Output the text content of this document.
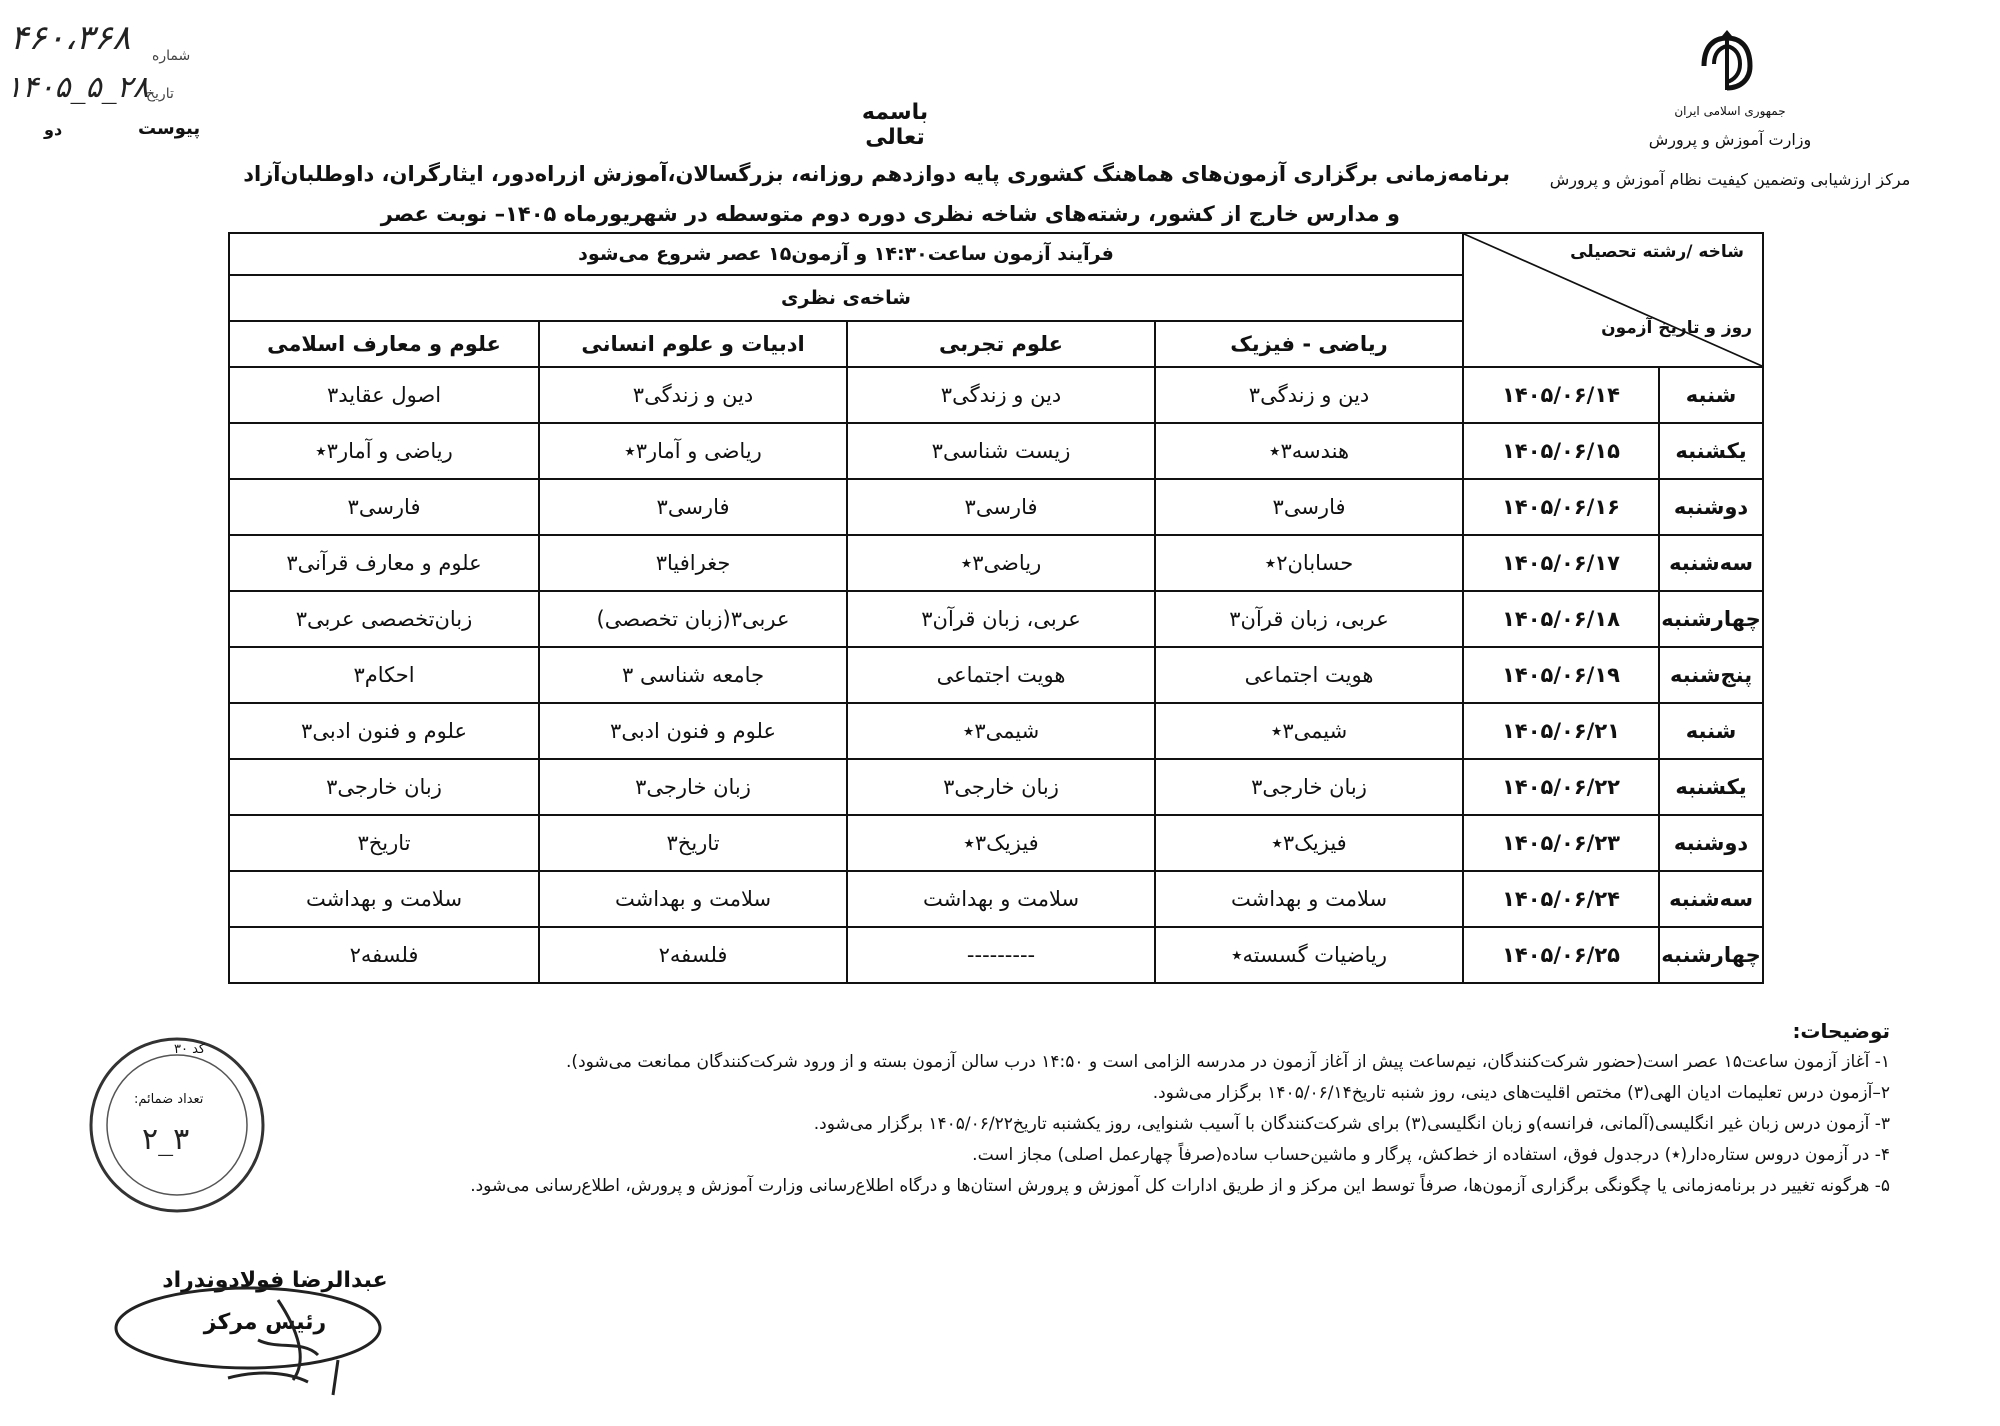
۴۶۰،۳۶۸ شماره
۱۴۰۵_۵_۲۸
تاریخ
پیوست
دو
باسمه تعالی
جمهوری اسلامی ایران
وزارت آموزش و پرورش
مرکز ارزشیابی وتضمین کیفیت نظام آموزش و پرورش
برنامه‌زمانی برگزاری آزمون‌های هماهنگ کشوری پایه دوازدهم روزانه، بزرگسالان،آموزش ازراه‌دور، ایثارگران، داوطلبان‌آزاد
و مدارس خارج از کشور، رشته‌های شاخه نظری دوره دوم متوسطه در شهریورماه ۱۴۰۵– نوبت عصر
شاخه /رشته تحصیلی
روز و تاریخ آزمون		فرآیند آزمون ساعت۱۴:۳۰ و آزمون۱۵ عصر شروع می‌شود			
		شاخه‌ی نظری			
		ریاضی - فیزیک	علوم تجربی	ادبیات و علوم انسانی	علوم و معارف اسلامی
شنبه	۱۴۰۵/۰۶/۱۴	دین و زندگی۳	دین و زندگی۳	دین و زندگی۳	اصول عقاید۳
یکشنبه	۱۴۰۵/۰۶/۱۵	هندسه۳٭	زیست شناسی۳	ریاضی و آمار۳٭	ریاضی و آمار۳٭
دوشنبه	۱۴۰۵/۰۶/۱۶	فارسی۳	فارسی۳	فارسی۳	فارسی۳
سه‌شنبه	۱۴۰۵/۰۶/۱۷	حسابان۲٭	ریاضی۳٭	جغرافیا۳	علوم و معارف قرآنی۳
چهارشنبه	۱۴۰۵/۰۶/۱۸	عربی، زبان قرآن۳	عربی، زبان قرآن۳	عربی۳(زبان تخصصی)	زبان‌تخصصی عربی۳
پنج‌شنبه	۱۴۰۵/۰۶/۱۹	هویت اجتماعی	هویت اجتماعی	جامعه شناسی ۳	احکام۳
شنبه	۱۴۰۵/۰۶/۲۱	شیمی۳٭	شیمی۳٭	علوم و فنون ادبی۳	علوم و فنون ادبی۳
یکشنبه	۱۴۰۵/۰۶/۲۲	زبان خارجی۳	زبان خارجی۳	زبان خارجی۳	زبان خارجی۳
دوشنبه	۱۴۰۵/۰۶/۲۳	فیزیک۳٭	فیزیک۳٭	تاریخ۳	تاریخ۳
سه‌شنبه	۱۴۰۵/۰۶/۲۴	سلامت و بهداشت	سلامت و بهداشت	سلامت و بهداشت	سلامت و بهداشت
چهارشنبه	۱۴۰۵/۰۶/۲۵	ریاضیات گسسته٭	---------	فلسفه۲	فلسفه۲

توضیحات:

۱- آغاز آزمون ساعت۱۵ عصر است(حضور شرکت‌کنندگان، نیم‌ساعت پیش از آغاز آزمون در مدرسه الزامی است و ۱۴:۵۰ درب سالن آزمون بسته و از ورود شرکت‌کنندگان ممانعت می‌شود).

۲–آزمون درس تعلیمات ادیان الهی(۳) مختص اقلیت‌های دینی، روز شنبه تاریخ۱۴۰۵/۰۶/۱۴ برگزار می‌شود.

۳- آزمون درس زبان غیر انگلیسی(آلمانی، فرانسه)و زبان انگلیسی(۳) برای شرکت‌کنندگان با آسیب شنوایی، روز یکشنبه تاریخ۱۴۰۵/۰۶/۲۲ برگزار می‌شود.

۴- در آزمون دروس ستاره‌دار(٭) درجدول فوق، استفاده از خط‌کش، پرگار و ماشین‌حساب ساده(صرفاً چهارعمل اصلی) مجاز است.

۵- هرگونه تغییر در برنامه‌زمانی یا چگونگی برگزاری آزمون‌ها، صرفاً توسط این مرکز و از طریق ادارات کل آموزش و پرورش استان‌ها و درگاه اطلاع‌رسانی وزارت آموزش و پرورش، اطلاع‌رسانی می‌شود.

کد ۳۰
تعداد ضمائم:
۲_۳
عبدالرضا فولادوندراد
رئیس مرکز
